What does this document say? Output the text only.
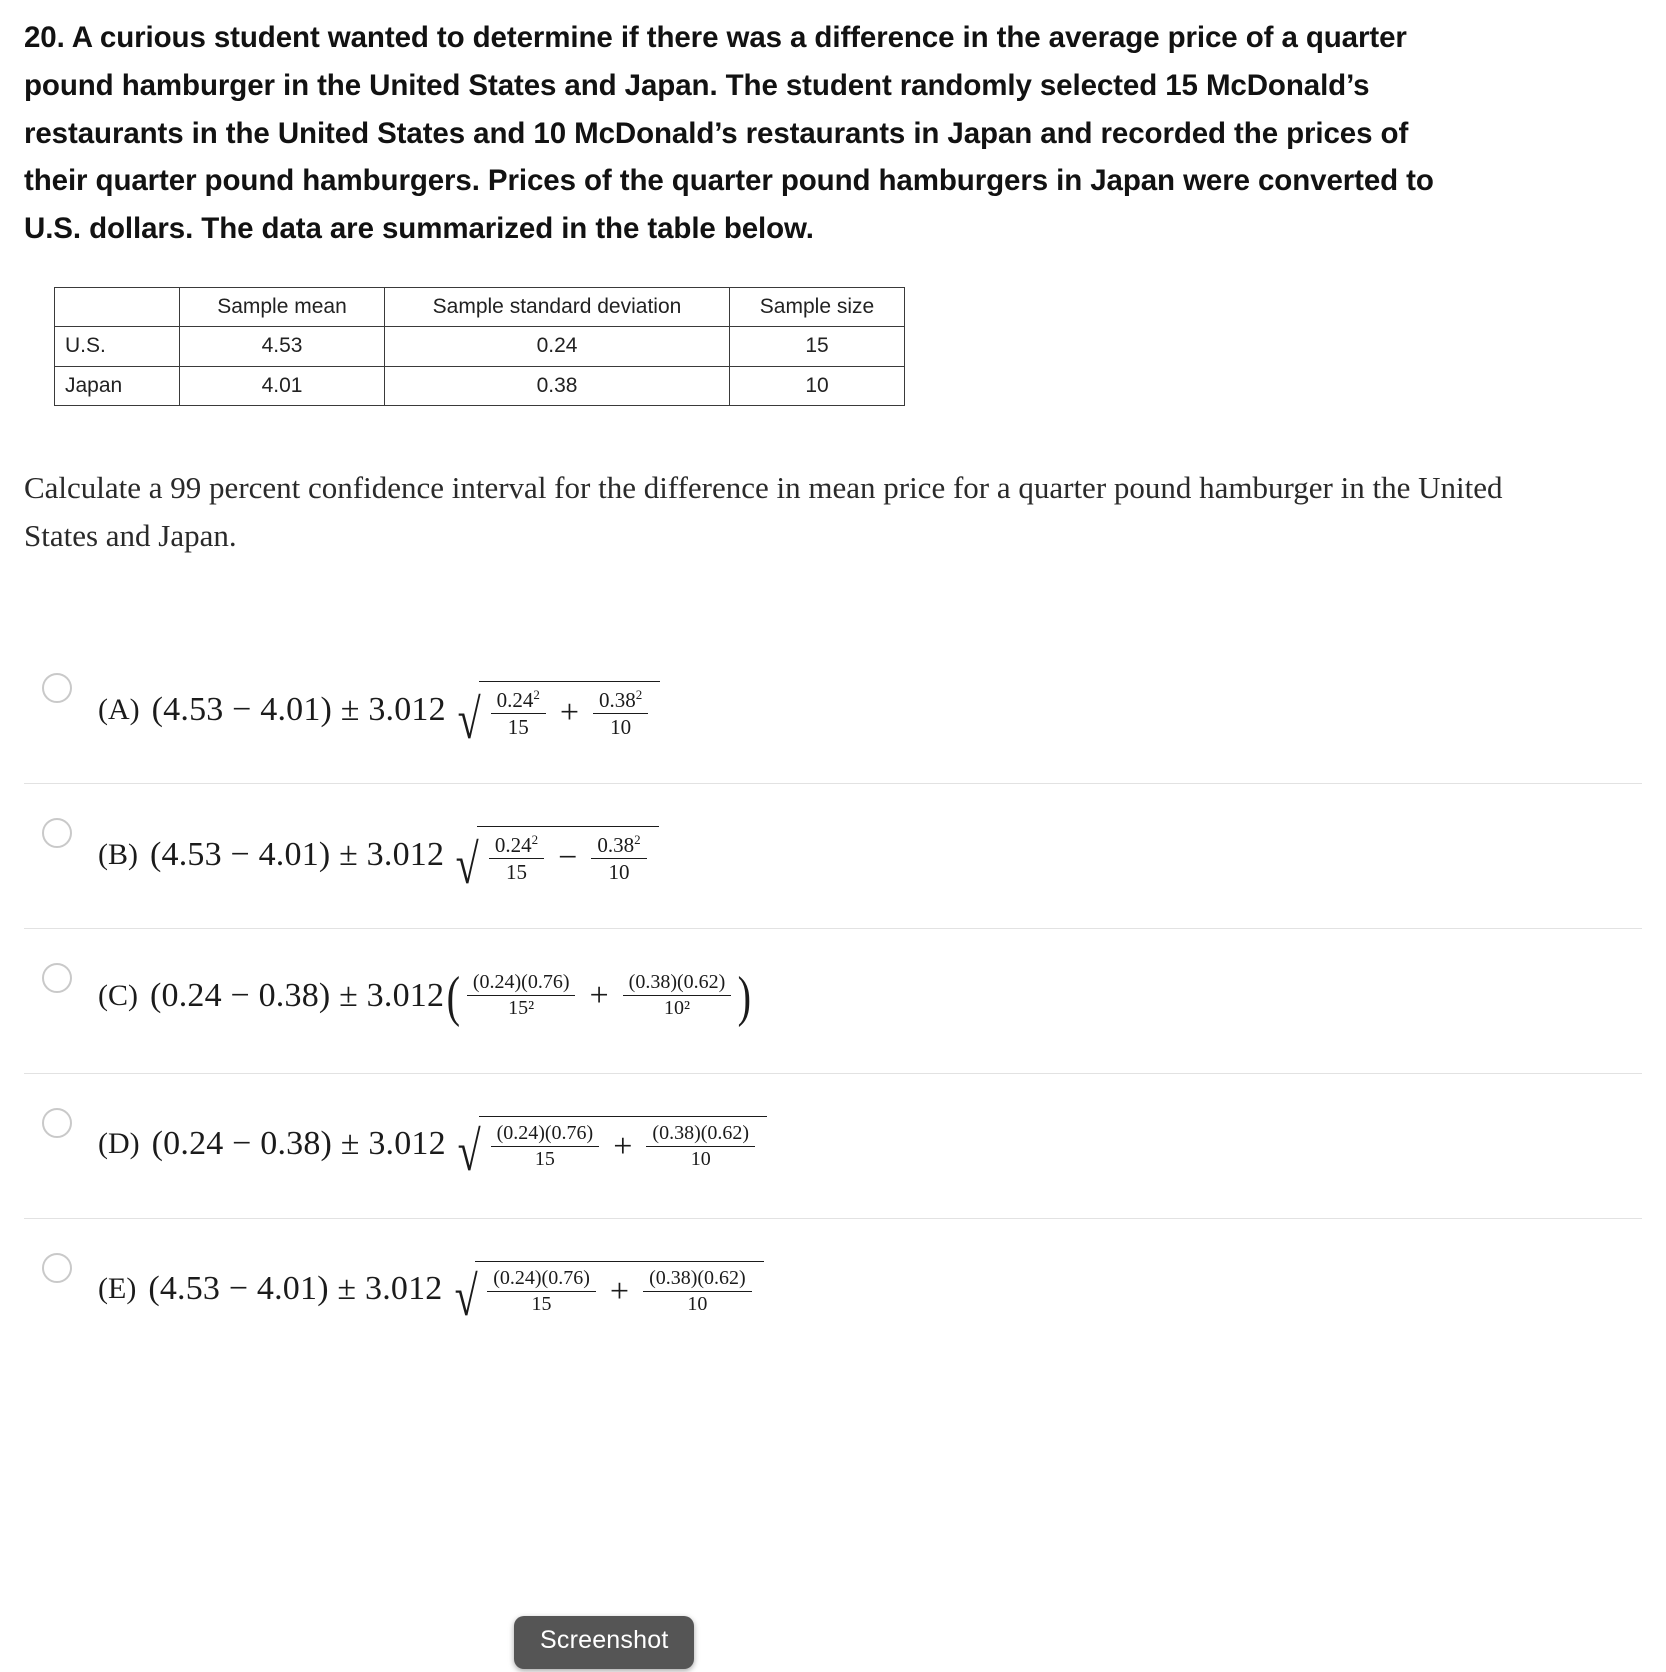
20. A curious student wanted to determine if there was a difference in the average price of a quarter pound hamburger in the United States and Japan. The student randomly selected 15 McDonald’s restaurants in the United States and 10 McDonald’s restaurants in Japan and recorded the prices of their quarter pound hamburgers. Prices of the quarter pound hamburgers in Japan were converted to U.S. dollars. The data are summarized in the table below.

	Sample mean	Sample standard deviation	Sample size
U.S.	4.53	0.24	15
Japan	4.01	0.38	10

Calculate a 99 percent confidence interval for the difference in mean price for a quarter pound hamburger in the United States and Japan.

(A) (4.53 − 4.01) ± 3.012 √ $\frac{0.24^2}{15} + \frac{0.38^2}{10}$
(B) (4.53 − 4.01) ± 3.012 √ $\frac{0.24^2}{15} - \frac{0.38^2}{10}$
(C) (0.24 − 0.38) ± 3.012 ( $\frac{(0.24)(0.76)}{\text{15²}} + \frac{(0.38)(0.62)}{\text{10²}}$ )
(D) (0.24 − 0.38) ± 3.012 √ $\frac{(0.24)(0.76)}{15} + \frac{(0.38)(0.62)}{10}$
(E) (4.53 − 4.01) ± 3.012 √ $\frac{(0.24)(0.76)}{15} + \frac{(0.38)(0.62)}{10}$
Screenshot
